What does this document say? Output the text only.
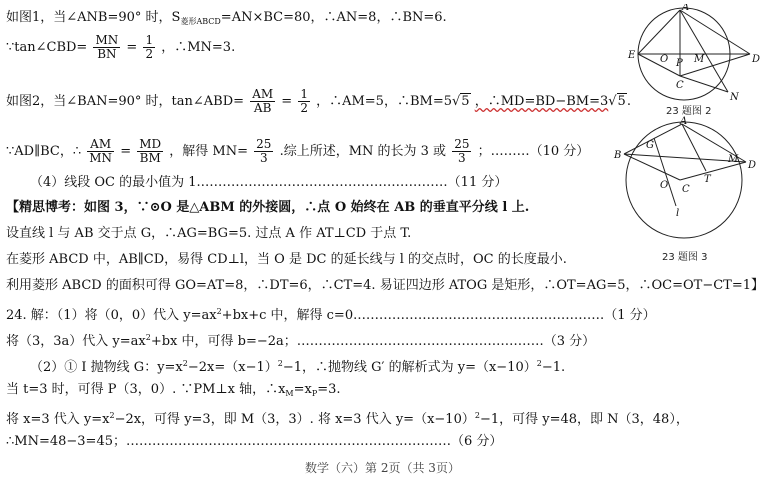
如图1，当∠ANB=90° 时，$S_{菱形ABCD}=AN\times BC=80$，∴AN=8，∴BN=6.
∵tan∠CBD= $\frac{MN}{BN} = \frac{1}{2}$ ，∴MN=3.
如图2，当∠BAN=90° 时，tan∠ABD= $\frac{AM}{AB} = \frac{1}{2}$ ，∴AM=5，∴BM=5√5 ，∴MD=BD−BM=3√5.
∵AD∥BC，∴ $\frac{AM}{MN} = \frac{MD}{BM}$ ，解得 $MN= \frac{25}{3}$ .综上所述，MN 的长为 3 或 $\frac{25}{3}$ ；………（10 分）
（4）线段 OC 的最小值为 1.…………………………………………………（11 分）
【精思博考：如图 3，∵⊙O 是△ABM 的外接圆，∴点 O 始终在 AB 的垂直平分线 l 上.
设直线 l 与 AB 交于点 G，∴AG=BG=5. 过点 A 作 AT⊥CD 于点 T.
在菱形 ABCD 中，AB∥CD，易得 CD⊥l，当 O 是 DC 的延长线与 l 的交点时，OC 的长度最小.
利用菱形 ABCD 的面积可得 GO=AT=8，∴DT=6，∴CT=4. 易证四边形 ATOG 是矩形，∴OT=AG=5，∴OC=OT−CT=1】
24. 解：（1）将（0，0）代入 $y=ax^2+bx+c$ 中，解得 c=0.…………………………………………………（1 分）
将（3，3a）代入 $y=ax^2+bx$ 中，可得 b=−2a；…………………………………………………（3 分）
（2）① I 抛物线 G：$y=x^2-2x=(x-1)^2-1$，∴抛物线 G′ 的解析式为 $y=(x-10)^2-1$.
当 t=3 时，可得 P（3，0）. ∵PM⊥x 轴，$\therefore x_M=x_P=3$.
将 x=3 代入 $y=x^2-2x$，可得 y=3，即 M（3，3）. 将 x=3 代入 $y=(x-10)^2-1$，可得 y=48，即 N（3，48），
∴MN=48−3=45；…………………………………………………………………（6 分）
A
E O P M	D
C
N
23 题图 2
A
G
B	M
D
O C
T
l
23 题图 3
数学（六）第 2页（共 3页）
